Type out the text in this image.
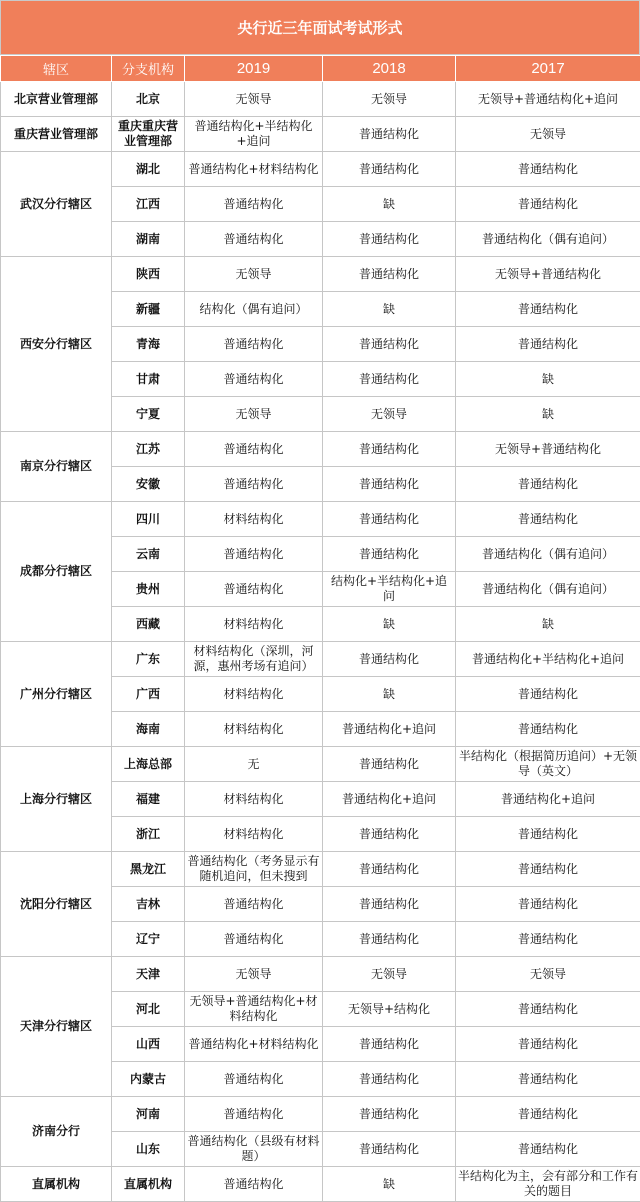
央行近三年面试考试形式
辖区	分支机构	2019	2018	2017
北京营业管理部	北京	无领导	无领导	无领导+普通结构化+追问
重庆营业管理部	重庆重庆营业管理部	普通结构化+半结构化+追问	普通结构化	无领导
武汉分行辖区	湖北	普通结构化+材料结构化	普通结构化	普通结构化
	江西	普通结构化	缺	普通结构化
	湖南	普通结构化	普通结构化	普通结构化（偶有追问）
西安分行辖区	陕西	无领导	普通结构化	无领导+普通结构化
	新疆	结构化（偶有追问）	缺	普通结构化
	青海	普通结构化	普通结构化	普通结构化
	甘肃	普通结构化	普通结构化	缺
	宁夏	无领导	无领导	缺
南京分行辖区	江苏	普通结构化	普通结构化	无领导+普通结构化
	安徽	普通结构化	普通结构化	普通结构化
成都分行辖区	四川	材料结构化	普通结构化	普通结构化
	云南	普通结构化	普通结构化	普通结构化（偶有追问）
	贵州	普通结构化	结构化+半结构化+追问	普通结构化（偶有追问）
	西藏	材料结构化	缺	缺
广州分行辖区	广东	材料结构化（深圳，河源，惠州考场有追问）	普通结构化	普通结构化+半结构化+追问
	广西	材料结构化	缺	普通结构化
	海南	材料结构化	普通结构化+追问	普通结构化
上海分行辖区	上海总部	无	普通结构化	半结构化（根据简历追问）+无领导（英文）
	福建	材料结构化	普通结构化+追问	普通结构化+追问
	浙江	材料结构化	普通结构化	普通结构化
沈阳分行辖区	黑龙江	普通结构化（考务显示有随机追问，但未搜到	普通结构化	普通结构化
	吉林	普通结构化	普通结构化	普通结构化
	辽宁	普通结构化	普通结构化	普通结构化
天津分行辖区	天津	无领导	无领导	无领导
	河北	无领导+普通结构化+材料结构化	无领导+结构化	普通结构化
	山西	普通结构化+材料结构化	普通结构化	普通结构化
	内蒙古	普通结构化	普通结构化	普通结构化
济南分行	河南	普通结构化	普通结构化	普通结构化
	山东	普通结构化（县级有材料题）	普通结构化	普通结构化
直属机构	直属机构	普通结构化	缺	半结构化为主，会有部分和工作有关的题目
